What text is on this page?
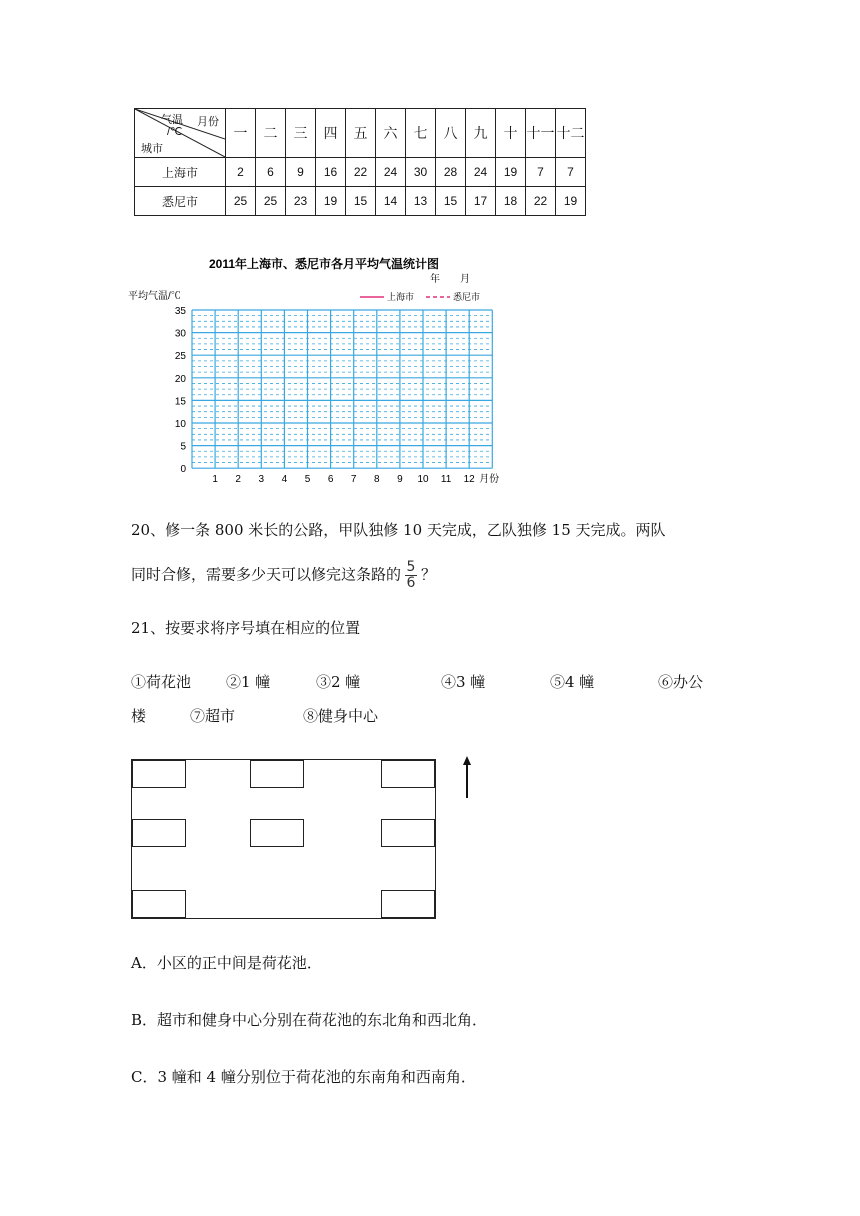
气温 月份
/℃
城市	一	二	三	四	五	六	七	八	九	十	十一	十二
上海市	2	6	9	16	22	24	30	28	24	19	7	7
悉尼市	25	25	23	19	15	14	13	15	17	18	22	19
2011年上海市、悉尼市各月平均气温统计图
年　　月
平均气温/℃	上海市	悉尼市
0
5
10
15
20
25
30
35
1 2 3 4 5 6 7 8 9 10 11 12 月份
20、修一条 800 米长的公路，甲队独修 10 天完成，乙队独修 15 天完成。两队
同时合修，需要多少天可以修完这条路的 $\frac{5}{6}$ ？
21、按要求将序号填在相应的位置
①荷花池 ②1 幢	③2 幢	④3 幢	⑤4 幢	⑥办公
楼	⑦超市	⑧健身中心
A．小区的正中间是荷花池．
B．超市和健身中心分别在荷花池的东北角和西北角．
C．3 幢和 4 幢分别位于荷花池的东南角和西南角．
